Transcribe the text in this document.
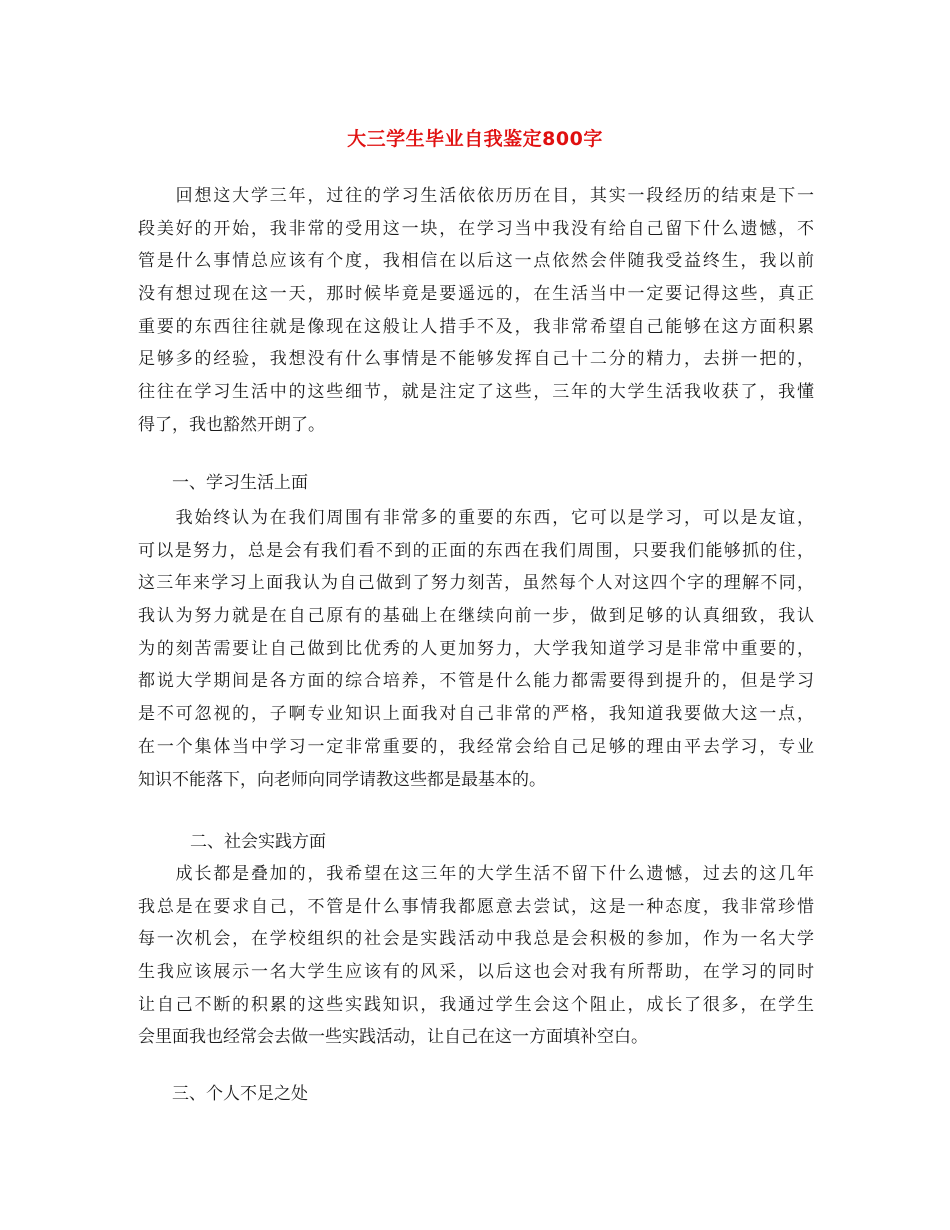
大三学生毕业自我鉴定800字
　　回想这大学三年，过往的学习生活依依历历在目，其实一段经历的结束是下一
段美好的开始，我非常的受用这一块，在学习当中我没有给自己留下什么遗憾，不
管是什么事情总应该有个度，我相信在以后这一点依然会伴随我受益终生，我以前
没有想过现在这一天，那时候毕竟是要遥远的，在生活当中一定要记得这些，真正
重要的东西往往就是像现在这般让人措手不及，我非常希望自己能够在这方面积累
足够多的经验，我想没有什么事情是不能够发挥自己十二分的精力，去拼一把的，
往往在学习生活中的这些细节，就是注定了这些，三年的大学生活我收获了，我懂
得了，我也豁然开朗了。
一、学习生活上面
　　我始终认为在我们周围有非常多的重要的东西，它可以是学习，可以是友谊，
可以是努力，总是会有我们看不到的正面的东西在我们周围，只要我们能够抓的住，
这三年来学习上面我认为自己做到了努力刻苦，虽然每个人对这四个字的理解不同，
我认为努力就是在自己原有的基础上在继续向前一步，做到足够的认真细致，我认
为的刻苦需要让自己做到比优秀的人更加努力，大学我知道学习是非常中重要的，
都说大学期间是各方面的综合培养，不管是什么能力都需要得到提升的，但是学习
是不可忽视的，子啊专业知识上面我对自己非常的严格，我知道我要做大这一点，
在一个集体当中学习一定非常重要的，我经常会给自己足够的理由平去学习，专业
知识不能落下，向老师向同学请教这些都是最基本的。
二、社会实践方面
　　成长都是叠加的，我希望在这三年的大学生活不留下什么遗憾，过去的这几年
我总是在要求自己，不管是什么事情我都愿意去尝试，这是一种态度，我非常珍惜
每一次机会，在学校组织的社会是实践活动中我总是会积极的参加，作为一名大学
生我应该展示一名大学生应该有的风采，以后这也会对我有所帮助，在学习的同时
让自己不断的积累的这些实践知识，我通过学生会这个阻止，成长了很多，在学生
会里面我也经常会去做一些实践活动，让自己在这一方面填补空白。
三、个人不足之处
